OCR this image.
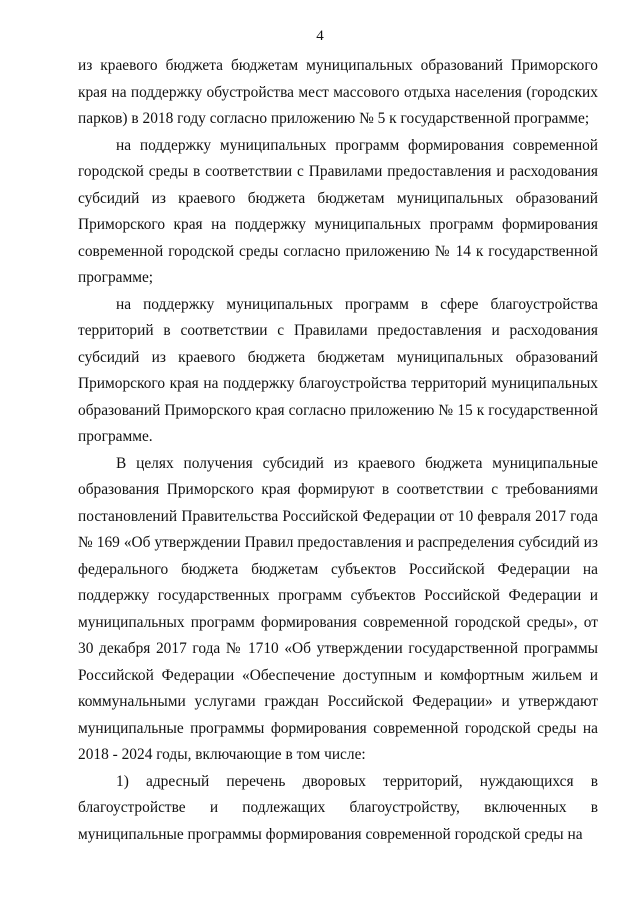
4

из краевого бюджета бюджетам муниципальных образований Приморского края на поддержку обустройства мест массового отдыха населения (городских парков) в 2018 году согласно приложению № 5 к государственной программе;

на поддержку муниципальных программ формирования современной городской среды в соответствии с Правилами предоставления и расходования субсидий из краевого бюджета бюджетам муниципальных образований Приморского края на поддержку муниципальных программ формирования современной городской среды согласно приложению № 14 к государственной программе;

на поддержку муниципальных программ в сфере благоустройства территорий в соответствии с Правилами предоставления и расходования субсидий из краевого бюджета бюджетам муниципальных образований Приморского края на поддержку благоустройства территорий муниципальных образований Приморского края согласно приложению № 15 к государственной программе.

В целях получения субсидий из краевого бюджета муниципальные образования Приморского края формируют в соответствии с требованиями постановлений Правительства Российской Федерации от 10 февраля 2017 года № 169 «Об утверждении Правил предоставления и распределения субсидий из федерального бюджета бюджетам субъектов Российской Федерации на поддержку государственных программ субъектов Российской Федерации и муниципальных программ формирования современной городской среды», от 30 декабря 2017 года № 1710 «Об утверждении государственной программы Российской Федерации «Обеспечение доступным и комфортным жильем и коммунальными услугами граждан Российской Федерации» и утверждают муниципальные программы формирования современной городской среды на 2018 - 2024 годы, включающие в том числе:

1) адресный перечень дворовых территорий, нуждающихся в благоустройстве и подлежащих благоустройству, включенных в муниципальные программы формирования современной городской среды на
